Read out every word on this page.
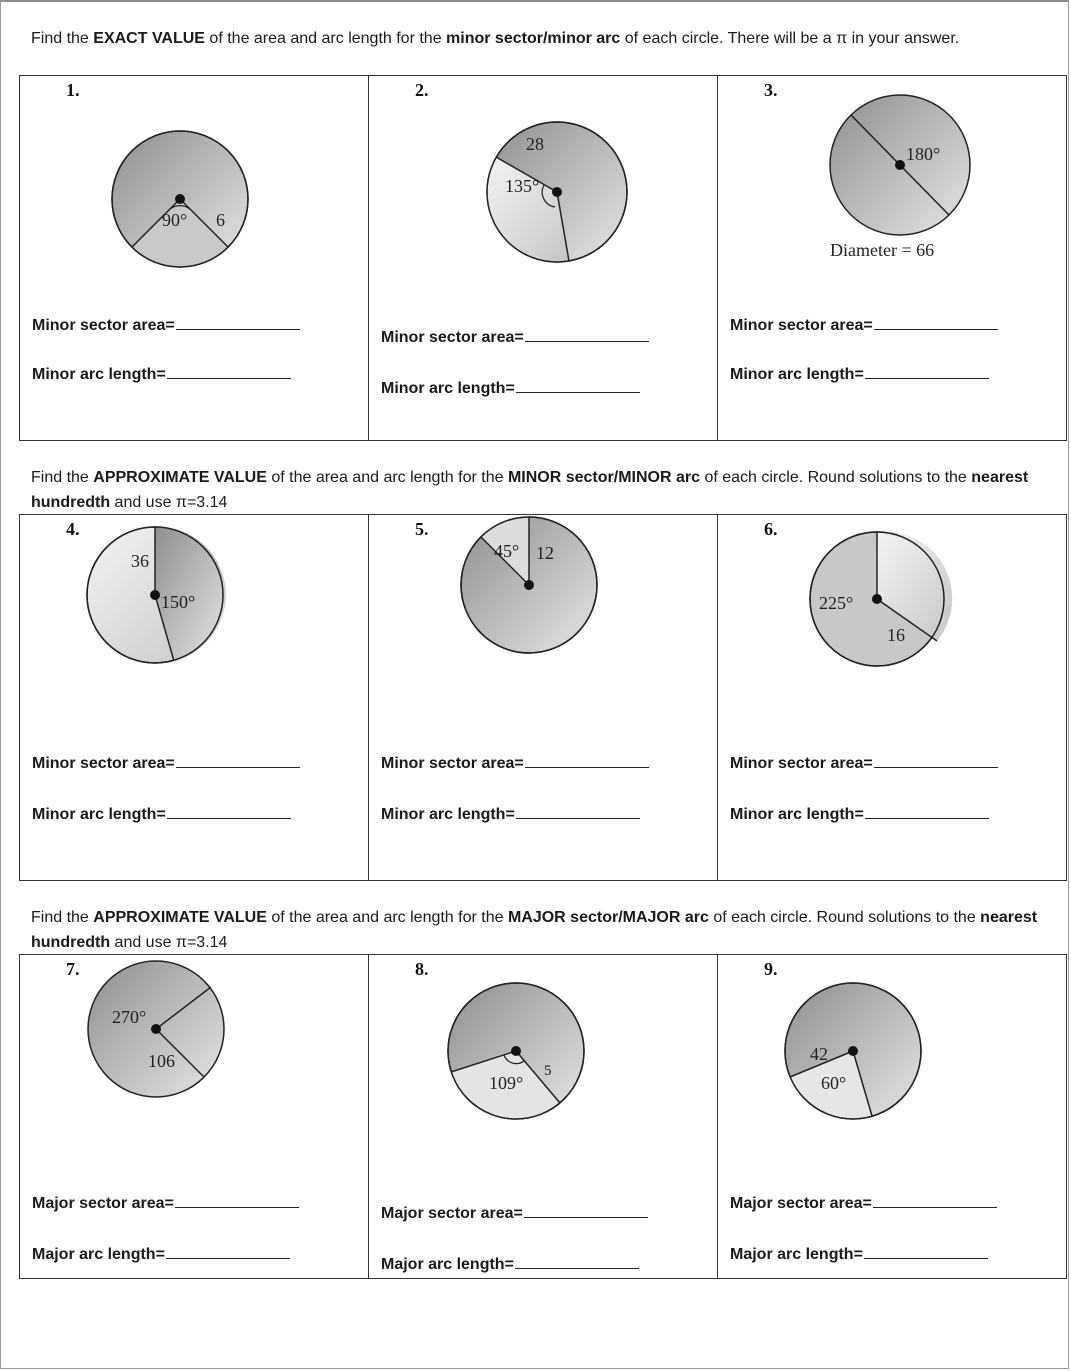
Find the EXACT VALUE of the area and arc length for the minor sector/minor arc of each circle. There will be a π in your answer.
1.
90° 6
Minor sector area=
Minor arc length=
2.
28
135°
Minor sector area=
Minor arc length=
3.
180°
Diameter = 66
Minor sector area=
Minor arc length=
Find the APPROXIMATE VALUE of the area and arc length for the MINOR sector/MINOR arc of each circle. Round solutions to the nearest hundredth and use π=3.14
4.
36
150°
Minor sector area=
Minor arc length=
5.
45° 12
Minor sector area=
Minor arc length=
6.
225°
16
Minor sector area=
Minor arc length=
Find the APPROXIMATE VALUE of the area and arc length for the MAJOR sector/MAJOR arc of each circle. Round solutions to the nearest hundredth and use π=3.14
7.
270°
106
Major sector area=
Major arc length=
8.
5
109°
Major sector area=
Major arc length=
9.
42
60°
Major sector area=
Major arc length=
